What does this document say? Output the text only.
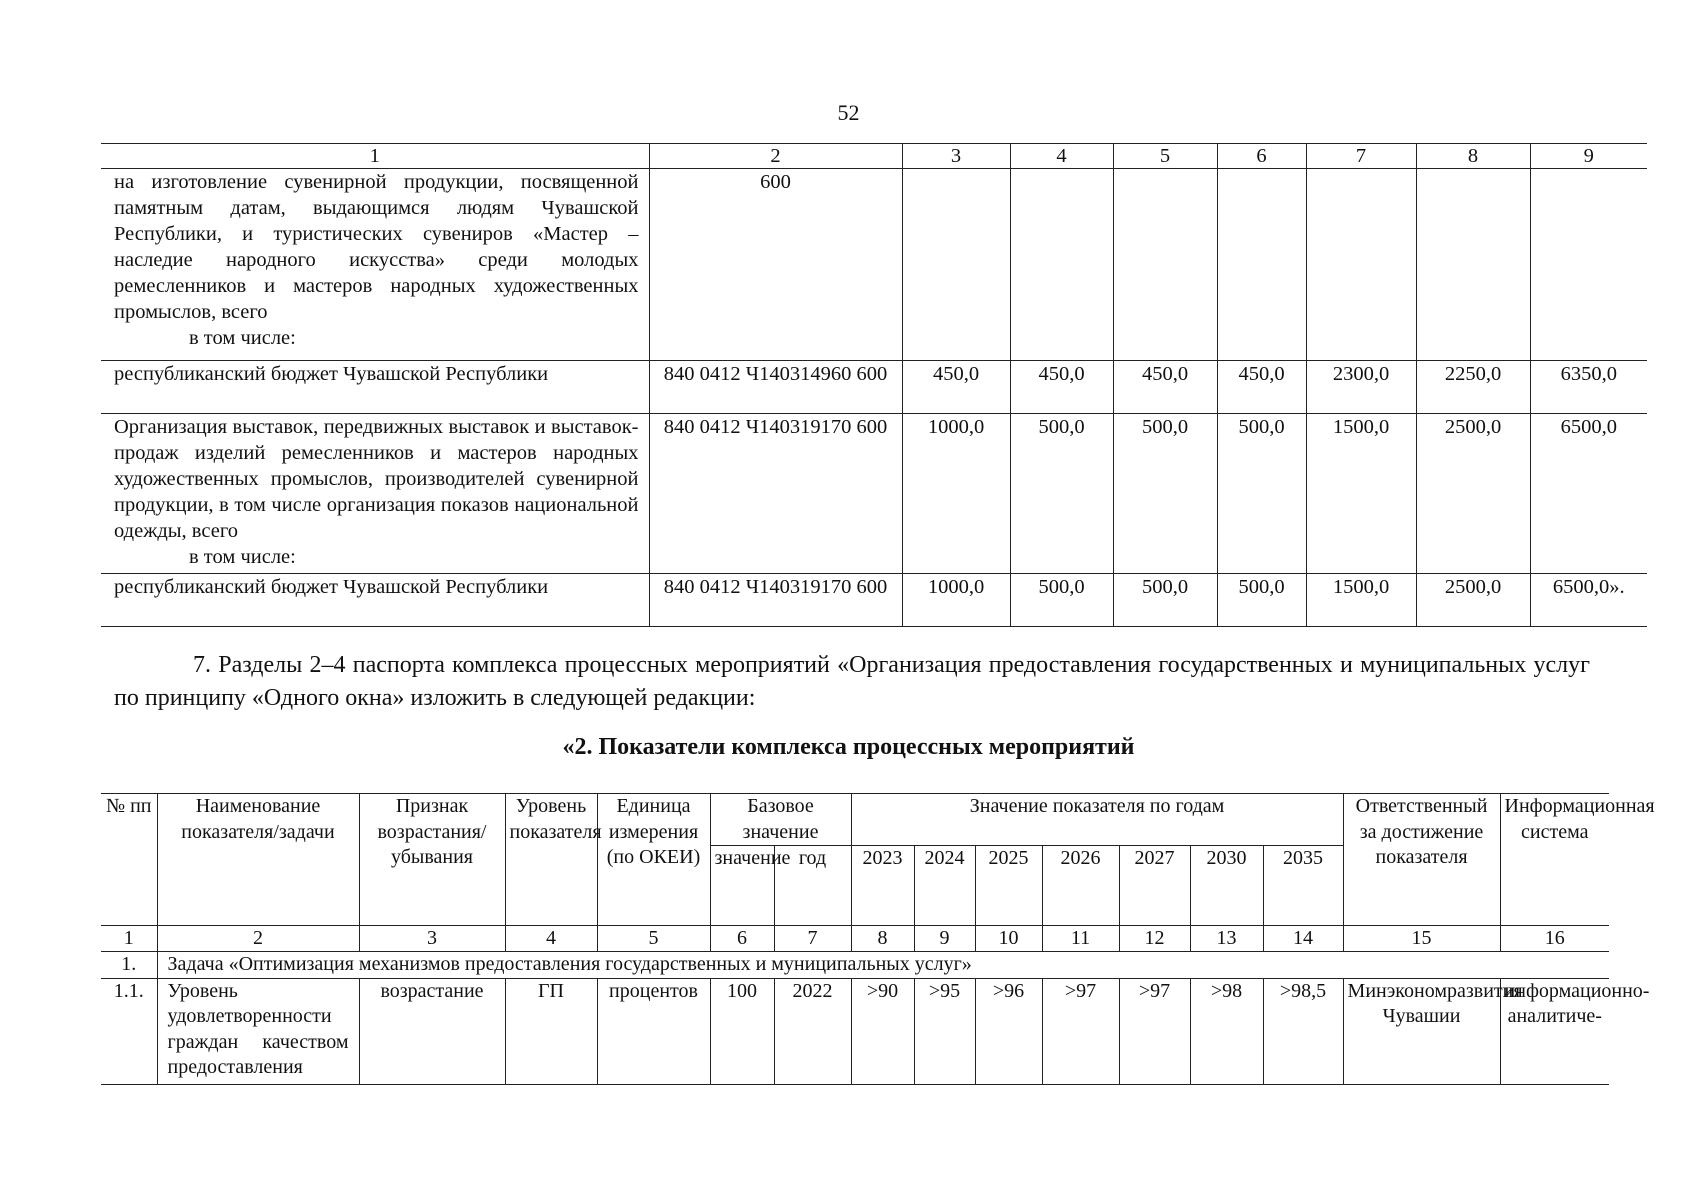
52
1	2	3	4	5	6	7	8	9
на изготовление сувенирной продукции, посвященной памятным датам, выдающимся людям Чувашской Республики, и туристических сувениров «Мастер – наследие народного искусства» среди молодых ремесленников и мастеров народных художественных промыслов, всего
в том числе:	600							
республиканский бюджет Чувашской Республики	840 0412 Ч140314960 600	450,0	450,0	450,0	450,0	2300,0	2250,0	6350,0
Организация выставок, передвижных выставок и выставок-продаж изделий ремесленников и мастеров народных художественных промыслов, производителей сувенирной продукции, в том числе организация показов национальной одежды, всего
в том числе:	840 0412 Ч140319170 600	1000,0	500,0	500,0	500,0	1500,0	2500,0	6500,0
республиканский бюджет Чувашской Республики	840 0412 Ч140319170 600	1000,0	500,0	500,0	500,0	1500,0	2500,0	6500,0».

7. Разделы 2–4 паспорта комплекса процессных мероприятий «Организация предоставления государственных и муниципальных услуг по принципу «Одного окна» изложить в следующей редакции:

«2. Показатели комплекса процессных мероприятий
№ пп	Наименование показателя/задачи	Признак возрастания/ убывания	Уровень показателя	Единица измерения (по ОКЕИ)	Базовое значение		Значение показателя по годам							Ответственный за достижение показателя	Информационная система
					значение	год	2023	2024	2025	2026	2027	2030	2035		
1	2	3	4	5	6	7	8	9	10	11	12	13	14	15	16
1.	Задача «Оптимизация механизмов предоставления государственных и муниципальных услуг»														
1.1.	Уровень удовлетворенности граждан качеством предоставления	возрастание	ГП	процентов	100	2022	>90	>95	>96	>97	>97	>98	>98,5	Минэкономразвития Чувашии	информационно-аналитиче-
